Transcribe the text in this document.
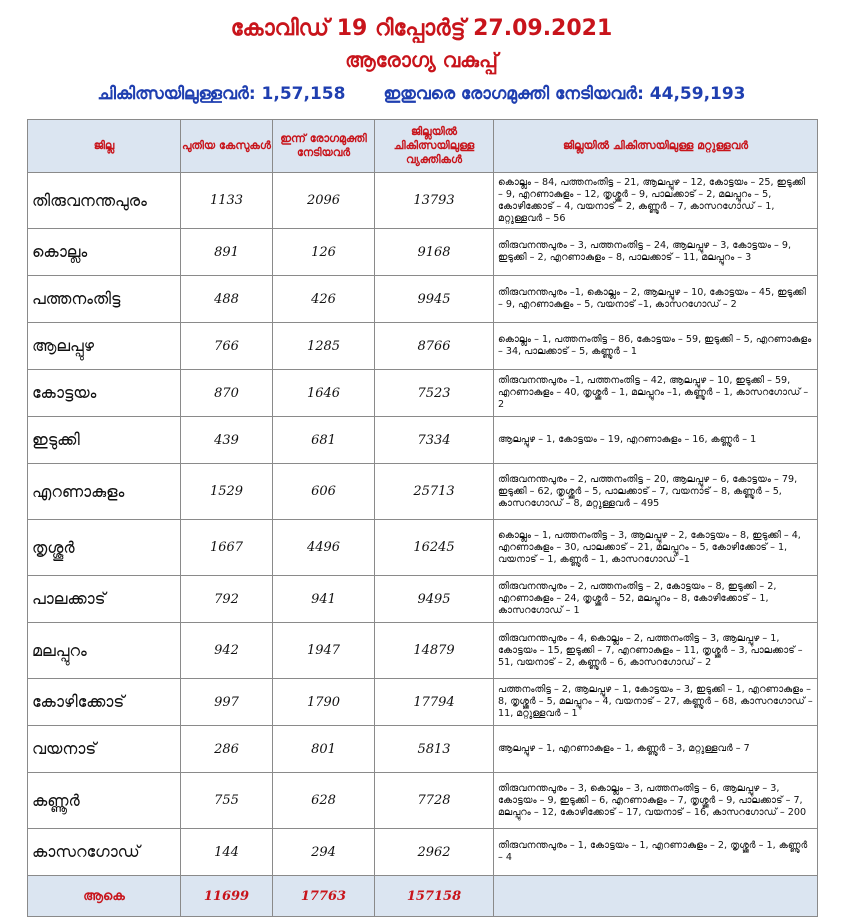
കോവിഡ് 19 റിപ്പോർട്ട് 27.09.2021
ആരോഗ്യ വകുപ്പ്
ചികിത്സയിലുള്ളവർ: 1,57,158 ഇതുവരെ രോഗമുക്തി നേടിയവർ: 44,59,193
ജില്ല	പുതിയ കേസുകൾ	ഇന്ന് രോഗമുക്തി നേടിയവർ	ജില്ലയിൽ ചികിത്സയിലുള്ള വ്യക്തികൾ	ജില്ലയിൽ ചികിത്സയിലുള്ള മറ്റുള്ളവർ
തിരുവനന്തപുരം	1133	2096	13793	കൊല്ലം – 84, പത്തനംതിട്ട – 21, ആലപ്പുഴ – 12, കോട്ടയം – 25, ഇടുക്കി – 9, എറണാകുളം – 12, തൃശ്ശൂർ – 9, പാലക്കാട് – 2, മലപ്പുറം – 5, കോഴിക്കോട് – 4, വയനാട് – 2, കണ്ണൂർ – 7, കാസറഗോഡ് – 1, മറ്റുള്ളവർ – 56
കൊല്ലം	891	126	9168	തിരുവനന്തപുരം – 3, പത്തനംതിട്ട – 24, ആലപ്പുഴ – 3, കോട്ടയം – 9, ഇടുക്കി – 2, എറണാകുളം – 8, പാലക്കാട് – 11, മലപ്പുറം – 3
പത്തനംതിട്ട	488	426	9945	തിരുവനന്തപുരം –1, കൊല്ലം – 2, ആലപ്പുഴ – 10, കോട്ടയം – 45, ഇടുക്കി – 9, എറണാകുളം – 5, വയനാട് –1, കാസറഗോഡ് – 2
ആലപ്പുഴ	766	1285	8766	കൊല്ലം – 1, പത്തനംതിട്ട – 86, കോട്ടയം – 59, ഇടുക്കി – 5, എറണാകുളം – 34, പാലക്കാട് – 5, കണ്ണൂർ – 1
കോട്ടയം	870	1646	7523	തിരുവനന്തപുരം –1, പത്തനംതിട്ട – 42, ആലപ്പുഴ – 10, ഇടുക്കി – 59, എറണാകുളം – 40, തൃശ്ശൂർ – 1, മലപ്പുറം –1, കണ്ണൂർ – 1, കാസറഗോഡ് – 2
ഇടുക്കി	439	681	7334	ആലപ്പുഴ – 1, കോട്ടയം – 19, എറണാകുളം – 16, കണ്ണൂർ – 1
എറണാകുളം	1529	606	25713	തിരുവനന്തപുരം – 2, പത്തനംതിട്ട – 20, ആലപ്പുഴ – 6, കോട്ടയം – 79, ഇടുക്കി – 62, തൃശ്ശൂർ – 5, പാലക്കാട് – 7, വയനാട് – 8, കണ്ണൂർ – 5, കാസറഗോഡ് – 8, മറ്റുള്ളവർ – 495
തൃശ്ശൂർ	1667	4496	16245	കൊല്ലം – 1, പത്തനംതിട്ട – 3, ആലപ്പുഴ – 2, കോട്ടയം – 8, ഇടുക്കി – 4, എറണാകുളം – 30, പാലക്കാട് – 21, മലപ്പുറം – 5, കോഴിക്കോട് – 1, വയനാട് – 1, കണ്ണൂർ – 1, കാസറഗോഡ് –1
പാലക്കാട്	792	941	9495	തിരുവനന്തപുരം – 2, പത്തനംതിട്ട – 2, കോട്ടയം – 8, ഇടുക്കി – 2, എറണാകുളം – 24, തൃശ്ശൂർ – 52, മലപ്പുറം – 8, കോഴിക്കോട് – 1, കാസറഗോഡ് – 1
മലപ്പുറം	942	1947	14879	തിരുവനന്തപുരം – 4, കൊല്ലം – 2, പത്തനംതിട്ട – 3, ആലപ്പുഴ – 1, കോട്ടയം – 15, ഇടുക്കി – 7, എറണാകുളം – 11, തൃശ്ശൂർ – 3, പാലക്കാട് – 51, വയനാട് – 2, കണ്ണൂർ – 6, കാസറഗോഡ് – 2
കോഴിക്കോട്	997	1790	17794	പത്തനംതിട്ട – 2, ആലപ്പുഴ – 1, കോട്ടയം – 3, ഇടുക്കി – 1, എറണാകുളം – 8, തൃശ്ശൂർ – 5, മലപ്പുറം – 4, വയനാട് – 27, കണ്ണൂർ – 68, കാസറഗോഡ് – 11, മറ്റുള്ളവർ – 1
വയനാട്	286	801	5813	ആലപ്പുഴ – 1, എറണാകുളം – 1, കണ്ണൂർ – 3, മറ്റുള്ളവർ – 7
കണ്ണൂർ	755	628	7728	തിരുവനന്തപുരം – 3, കൊല്ലം – 3, പത്തനംതിട്ട – 6, ആലപ്പുഴ – 3, കോട്ടയം – 9, ഇടുക്കി – 6, എറണാകുളം – 7, തൃശ്ശൂർ – 9, പാലക്കാട് – 7, മലപ്പുറം – 12, കോഴിക്കോട് – 17, വയനാട് – 16, കാസറഗോഡ് – 200
കാസറഗോഡ്	144	294	2962	തിരുവനന്തപുരം – 1, കോട്ടയം – 1, എറണാകുളം – 2, തൃശ്ശൂർ – 1, കണ്ണൂർ – 4
ആകെ	11699	17763	157158	
